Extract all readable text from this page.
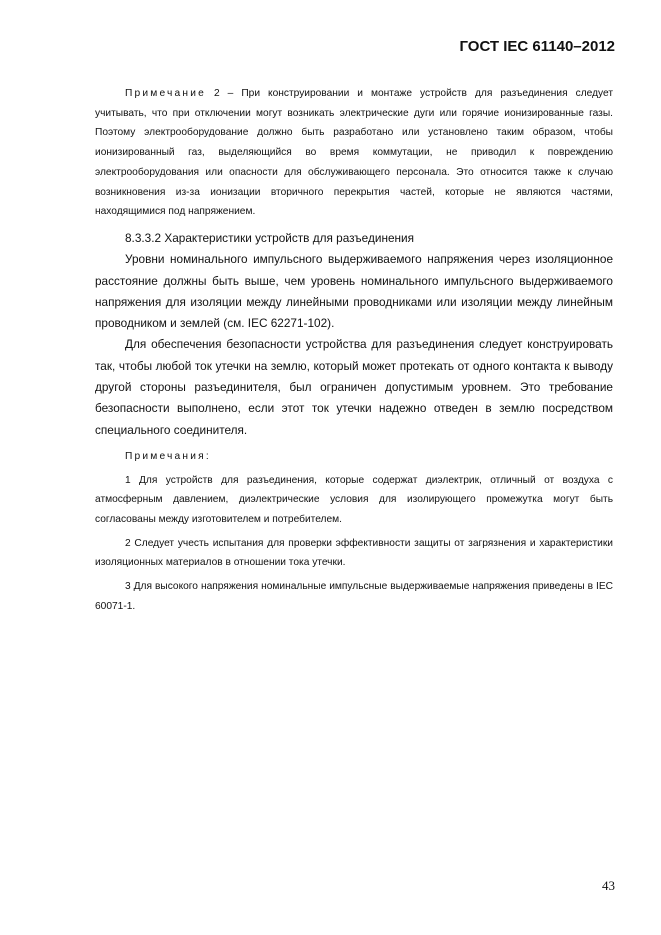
ГОСТ IEC 61140–2012

Примечание 2 – При конструировании и монтаже устройств для разъединения следует учитывать, что при отключении могут возникать электрические дуги или горячие ионизированные газы. Поэтому электрооборудование должно быть разработано или установлено таким образом, чтобы ионизированный газ, выделяющийся во время коммутации, не приводил к повреждению электрооборудования или опасности для обслуживающего персонала. Это относится также к случаю возникновения из-за ионизации вторичного перекрытия частей, которые не являются частями, находящимися под напряжением.

8.3.3.2 Характеристики устройств для разъединения

Уровни номинального импульсного выдерживаемого напряжения через изоляционное расстояние должны быть выше, чем уровень номинального импульсного выдерживаемого напряжения для изоляции между линейными проводниками или изоляции между линейным проводником и землей (см. IEC 62271-102).

Для обеспечения безопасности устройства для разъединения следует конструировать так, чтобы любой ток утечки на землю, который может протекать от одного контакта к выводу другой стороны разъединителя, был ограничен допустимым уровнем. Это требование безопасности выполнено, если этот ток утечки надежно отведен в землю посредством специального соединителя.

Примечания:

1 Для устройств для разъединения, которые содержат диэлектрик, отличный от воздуха с атмосферным давлением, диэлектрические условия для изолирующего промежутка могут быть согласованы между изготовителем и потребителем.

2 Следует учесть испытания для проверки эффективности защиты от загрязнения и характеристики изоляционных материалов в отношении тока утечки.

3 Для высокого напряжения номинальные импульсные выдерживаемые напряжения приведены в IEC 60071-1.

43
